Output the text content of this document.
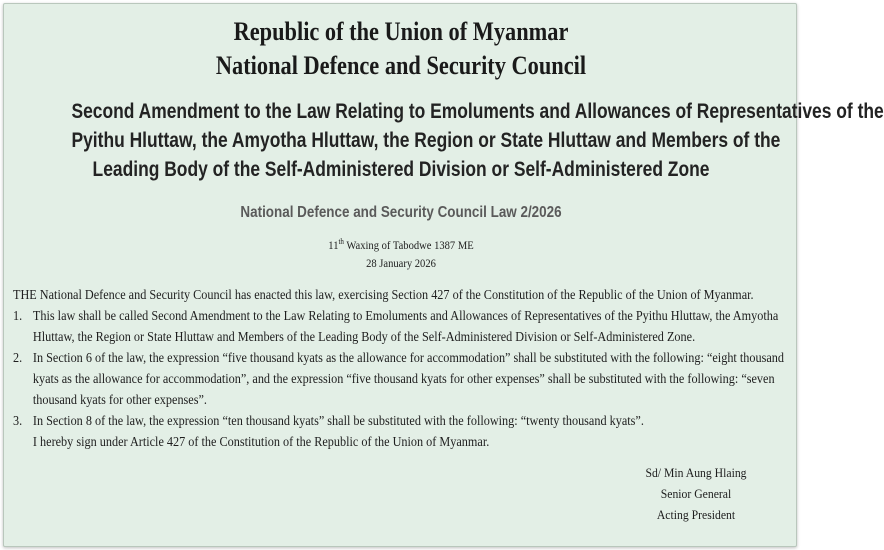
Republic of the Union of Myanmar
National Defence and Security Council
Second Amendment to the Law Relating to Emoluments and Allowances of Representatives of the
Pyithu Hluttaw, the Amyotha Hluttaw, the Region or State Hluttaw and Members of the
Leading Body of the Self-Administered Division or Self-Administered Zone
National Defence and Security Council Law 2/2026
11th Waxing of Tabodwe 1387 ME
28 January 2026

THE National Defence and Security Council has enacted this law, exercising Section 427 of the Constitution of the Republic of the Union of Myanmar.

1. This law shall be called Second Amendment to the Law Relating to Emoluments and Allowances of Representatives of the Pyithu Hluttaw, the Amyotha Hluttaw, the Region or State Hluttaw and Members of the Leading Body of the Self-Administered Division or Self-Administered Zone.
2. In Section 6 of the law, the expression “five thousand kyats as the allowance for accommodation” shall be substituted with the following: “eight thousand kyats as the allowance for accommodation”, and the expression “five thousand kyats for other expenses” shall be substituted with the following: “seven thousand kyats for other expenses”.
3. In Section 8 of the law, the expression “ten thousand kyats” shall be substituted with the following: “twenty thousand kyats”.

I hereby sign under Article 427 of the Constitution of the Republic of the Union of Myanmar.

Sd/ Min Aung Hlaing
Senior General
Acting President
